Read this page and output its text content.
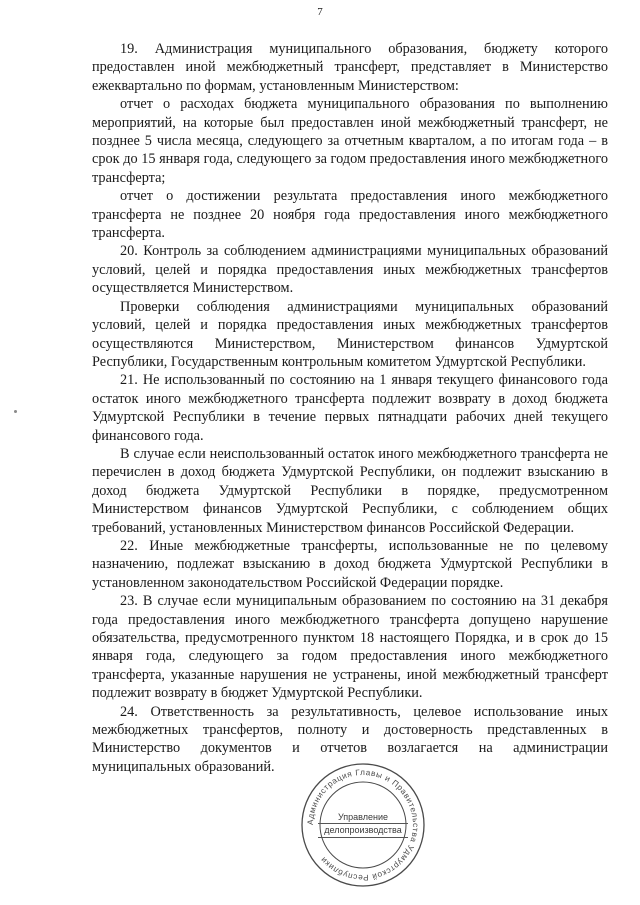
7

19. Администрация муниципального образования, бюджету которого предоставлен иной межбюджетный трансферт, представляет в Министерство ежеквартально по формам, установленным Министерством:

отчет о расходах бюджета муниципального образования по выполнению мероприятий, на которые был предоставлен иной межбюджетный трансферт, не позднее 5 числа месяца, следующего за отчетным кварталом, а по итогам года – в срок до 15 января года, следующего за годом предоставления иного межбюджетного трансферта;

отчет о достижении результата предоставления иного межбюджетного трансферта не позднее 20 ноября года предоставления иного межбюджетного трансферта.

20. Контроль за соблюдением администрациями муниципальных образований условий, целей и порядка предоставления иных межбюджетных трансфертов осуществляется Министерством.

Проверки соблюдения администрациями муниципальных образований условий, целей и порядка предоставления иных межбюджетных трансфертов осуществляются Министерством, Министерством финансов Удмуртской Республики, Государственным контрольным комитетом Удмуртской Республики.

21. Не использованный по состоянию на 1 января текущего финансового года остаток иного межбюджетного трансферта подлежит возврату в доход бюджета Удмуртской Республики в течение первых пятнадцати рабочих дней текущего финансового года.

В случае если неиспользованный остаток иного межбюджетного трансферта не перечислен в доход бюджета Удмуртской Республики, он подлежит взысканию в доход бюджета Удмуртской Республики в порядке, предусмотренном Министерством финансов Удмуртской Республики, с соблюдением общих требований, установленных Министерством финансов Российской Федерации.

22. Иные межбюджетные трансферты, использованные не по целевому назначению, подлежат взысканию в доход бюджета Удмуртской Республики в установленном законодательством Российской Федерации порядке.

23. В случае если муниципальным образованием по состоянию на 31 декабря года предоставления иного межбюджетного трансферта допущено нарушение обязательства, предусмотренного пунктом 18 настоящего Порядка, и в срок до 15 января года, следующего за годом предоставления иного межбюджетного трансферта, указанные нарушения не устранены, иной межбюджетный трансферт подлежит возврату в бюджет Удмуртской Республики.

24. Ответственность за результативность, целевое использование иных межбюджетных трансфертов, полноту и достоверность представленных в Министерство документов и отчетов возлагается на администрации муниципальных образований.

Администрация Главы и Правительства Удмуртской Республики
Управление
делопроизводства
